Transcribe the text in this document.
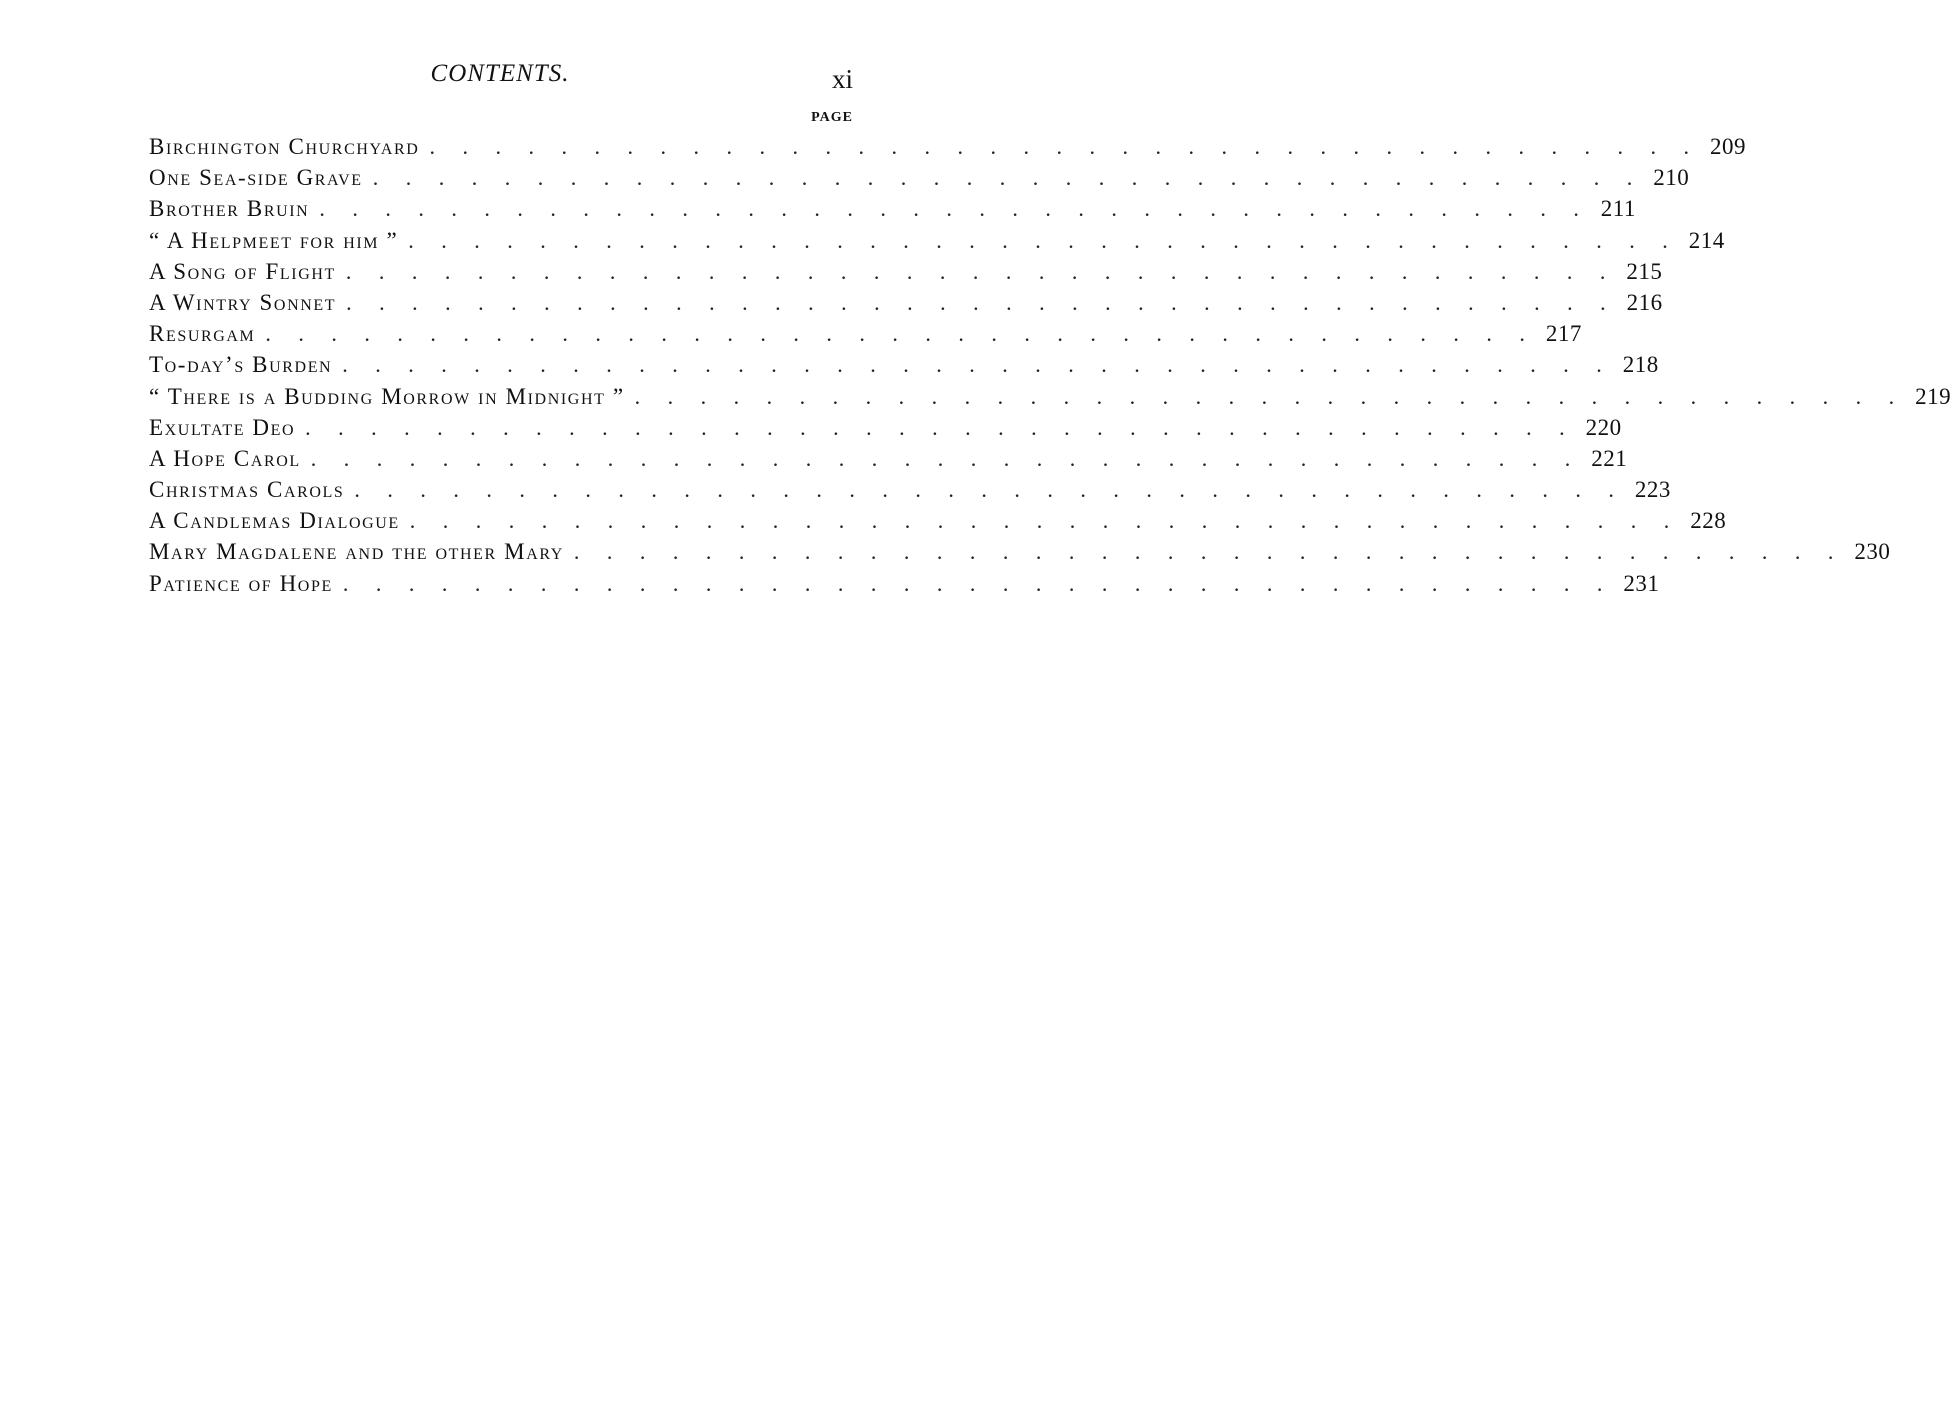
CONTENTS.	xi
PAGE
Birchington Churchyard . . . . . . . . . . . . . . . . . . . . . . . . . . . . . . . . . . . . . . . 209
One Sea-side Grave . . . . . . . . . . . . . . . . . . . . . . . . . . . . . . . . . . . . . . . 210
Brother Bruin . . . . . . . . . . . . . . . . . . . . . . . . . . . . . . . . . . . . . . . 211
“ A Helpmeet for him ” . . . . . . . . . . . . . . . . . . . . . . . . . . . . . . . . . . . . . . . 214
A Song of Flight . . . . . . . . . . . . . . . . . . . . . . . . . . . . . . . . . . . . . . . 215
A Wintry Sonnet . . . . . . . . . . . . . . . . . . . . . . . . . . . . . . . . . . . . . . . 216
Resurgam . . . . . . . . . . . . . . . . . . . . . . . . . . . . . . . . . . . . . . . 217
To-day’s Burden . . . . . . . . . . . . . . . . . . . . . . . . . . . . . . . . . . . . . . . 218
“ There is a Budding Morrow in Midnight ” . . . . . . . . . . . . . . . . . . . . . . . . . . . . . . . . . . . . . . . 219
Exultate Deo . . . . . . . . . . . . . . . . . . . . . . . . . . . . . . . . . . . . . . . 220
A Hope Carol . . . . . . . . . . . . . . . . . . . . . . . . . . . . . . . . . . . . . . . 221
Christmas Carols . . . . . . . . . . . . . . . . . . . . . . . . . . . . . . . . . . . . . . . 223
A Candlemas Dialogue . . . . . . . . . . . . . . . . . . . . . . . . . . . . . . . . . . . . . . . 228
Mary Magdalene and the other Mary . . . . . . . . . . . . . . . . . . . . . . . . . . . . . . . . . . . . . . . 230
Patience of Hope . . . . . . . . . . . . . . . . . . . . . . . . . . . . . . . . . . . . . . . 231
